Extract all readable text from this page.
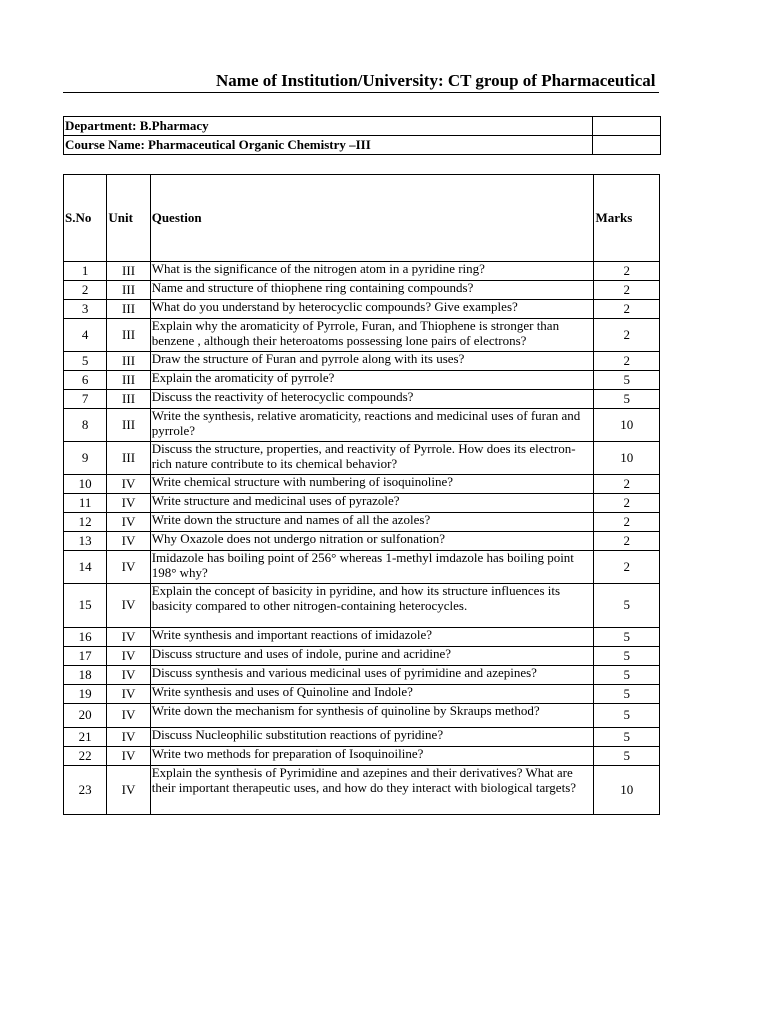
Name of Institution/University: CT group of Pharmaceutical
Department: B.Pharmacy	
Course Name: Pharmaceutical Organic Chemistry –III	
S.No	Unit	Question	Marks
1	III	What is the significance of the nitrogen atom in a pyridine ring?	2
2	III	Name and structure of thiophene ring containing compounds?	2
3	III	What do you understand by heterocyclic compounds? Give examples?	2
4	III	Explain why the aromaticity of Pyrrole, Furan, and Thiophene is stronger than benzene , although their heteroatoms possessing lone pairs of electrons?	2
5	III	Draw the structure of Furan and pyrrole along with its uses?	2
6	III	Explain the aromaticity of pyrrole?	5
7	III	Discuss the reactivity of heterocyclic compounds?	5
8	III	Write the synthesis, relative aromaticity, reactions and medicinal uses of furan and pyrrole?	10
9	III	Discuss the structure, properties, and reactivity of Pyrrole. How does its electron-rich nature contribute to its chemical behavior?	10
10	IV	Write chemical structure with numbering of isoquinoline?	2
11	IV	Write structure and medicinal uses of pyrazole?	2
12	IV	Write down the structure and names of all the azoles?	2
13	IV	Why Oxazole does not undergo nitration or sulfonation?	2
14	IV	Imidazole has boiling point of 256° whereas 1-methyl imdazole has boiling point 198° why?	2
15	IV	Explain the concept of basicity in pyridine, and how its structure influences its basicity compared to other nitrogen-containing heterocycles.	5
16	IV	Write synthesis and important reactions of imidazole?	5
17	IV	Discuss structure and uses of indole, purine and acridine?	5
18	IV	Discuss synthesis and various medicinal uses of pyrimidine and azepines?	5
19	IV	Write synthesis and uses of Quinoline and Indole?	5
20	IV	Write down the mechanism for synthesis of quinoline by Skraups method?	5
21	IV	Discuss Nucleophilic substitution reactions of pyridine?	5
22	IV	Write two methods for preparation of Isoquinoiline?	5
23	IV	Explain the synthesis of Pyrimidine and azepines and their derivatives? What are their important therapeutic uses, and how do they interact with biological targets?	10
